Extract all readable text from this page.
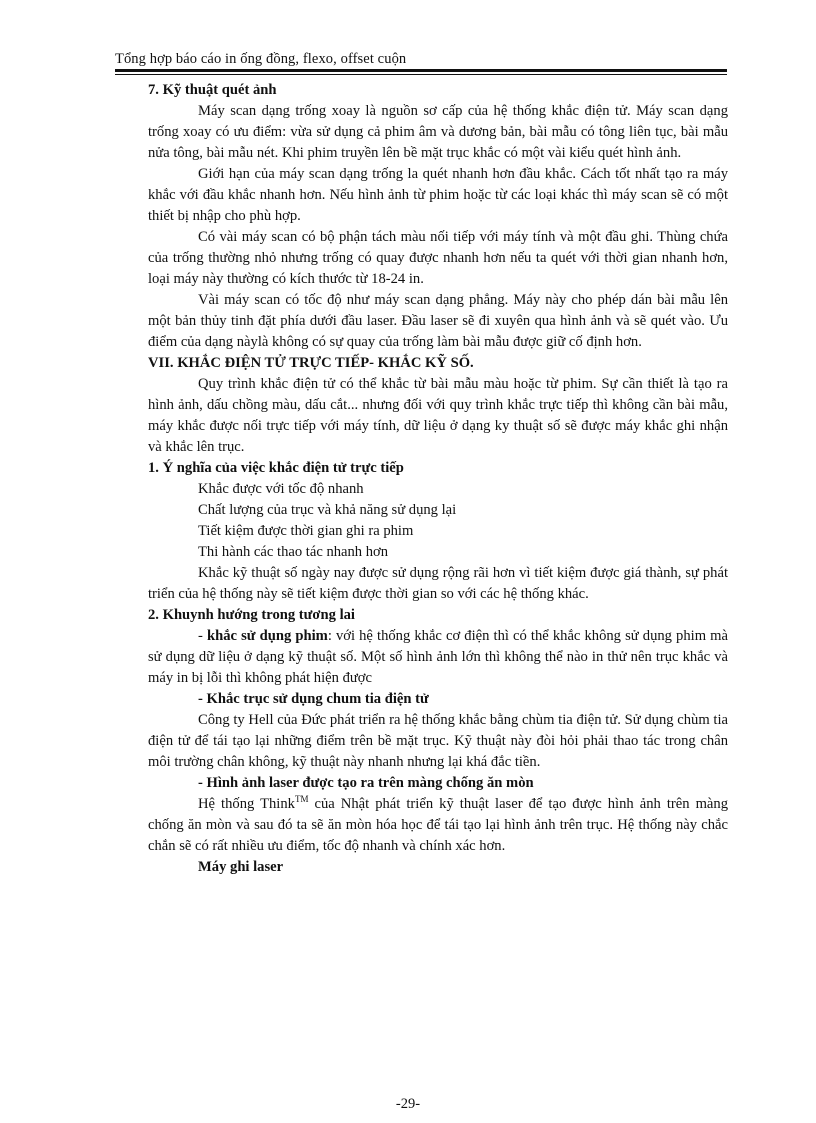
Tổng hợp báo cáo in ống đồng, flexo, offset cuộn

7. Kỹ thuật quét ảnh

Máy scan dạng trống xoay là nguồn sơ cấp của hệ thống khắc điện tử. Máy scan dạng trống xoay có ưu điểm: vừa sử dụng cả phim âm và dương bản, bài mẫu có tông liên tục, bài mẫu nửa tông, bài mẫu nét. Khi phim truyền lên bề mặt trục khắc có một vài kiểu quét hình ảnh.

Giới hạn của máy scan dạng trống la quét nhanh hơn đầu khắc. Cách tốt nhất tạo ra máy khắc với đầu khắc nhanh hơn. Nếu hình ảnh từ phim hoặc từ các loại khác thì máy scan sẽ có một thiết bị nhập cho phù hợp.

Có vài máy scan có bộ phận tách màu nối tiếp với máy tính và một đầu ghi. Thùng chứa của trống thường nhỏ nhưng trống có quay được nhanh hơn nếu ta quét với thời gian nhanh hơn, loại máy này thường có kích thước từ 18-24 in.

Vài máy scan có tốc độ như máy scan dạng phẳng. Máy này cho phép dán bài mẫu lên một bản thủy tinh đặt phía dưới đầu laser. Đầu laser sẽ đi xuyên qua hình ảnh và sẽ quét vào. Ưu điểm của dạng nàylà không có sự quay của trống làm bài mẫu được giữ cố định hơn.

VII. KHẮC ĐIỆN TỬ TRỰC TIẾP- KHẮC KỸ SỐ.

Quy trình khắc điện tử có thể khắc từ bài mẫu màu hoặc từ phim. Sự cần thiết là tạo ra hình ảnh, dấu chồng màu, dấu cắt... nhưng đối với quy trình khắc trực tiếp thì không cần bài mẫu, máy khắc được nối trực tiếp với máy tính, dữ liệu ở dạng ky thuật số sẽ được máy khắc ghi nhận và khắc lên trục.

1. Ý nghĩa của việc khắc điện tử trực tiếp

Khắc được với tốc độ nhanh

Chất lượng của trục và khả năng sử dụng lại

Tiết kiệm được thời gian ghi ra phim

Thi hành các thao tác nhanh hơn

Khắc kỹ thuật số ngày nay được sử dụng rộng rãi hơn vì tiết kiệm được giá thành, sự phát triển của hệ thống này sẽ tiết kiệm được thời gian so với các hệ thống khác.

2. Khuynh hướng trong tương lai

- khắc sử dụng phim: với hệ thống khắc cơ điện thì có thể khắc không sử dụng phim mà sử dụng dữ liệu ở dạng kỹ thuật số. Một số hình ảnh lớn thì không thể nào in thử nên trục khắc và máy in bị lỗi thì không phát hiện được

- Khắc trục sử dụng chum tia điện tử

Công ty Hell của Đức phát triển ra hệ thống khắc bằng chùm tia điện tử. Sử dụng chùm tia điện tử để tái tạo lại những điểm trên bề mặt trục. Kỹ thuật này đòi hỏi phải thao tác trong chân môi trường chân không, kỹ thuật này nhanh nhưng lại khá đắc tiền.

- Hình ảnh laser được tạo ra trên màng chống ăn mòn

Hệ thống Think™ của Nhật phát triển kỹ thuật laser để tạo được hình ảnh trên màng chống ăn mòn và sau đó ta sẽ ăn mòn hóa học để tái tạo lại hình ảnh trên trục. Hệ thống này chắc chắn sẽ có rất nhiều ưu điểm, tốc độ nhanh và chính xác hơn.

Máy ghi laser

-29-
